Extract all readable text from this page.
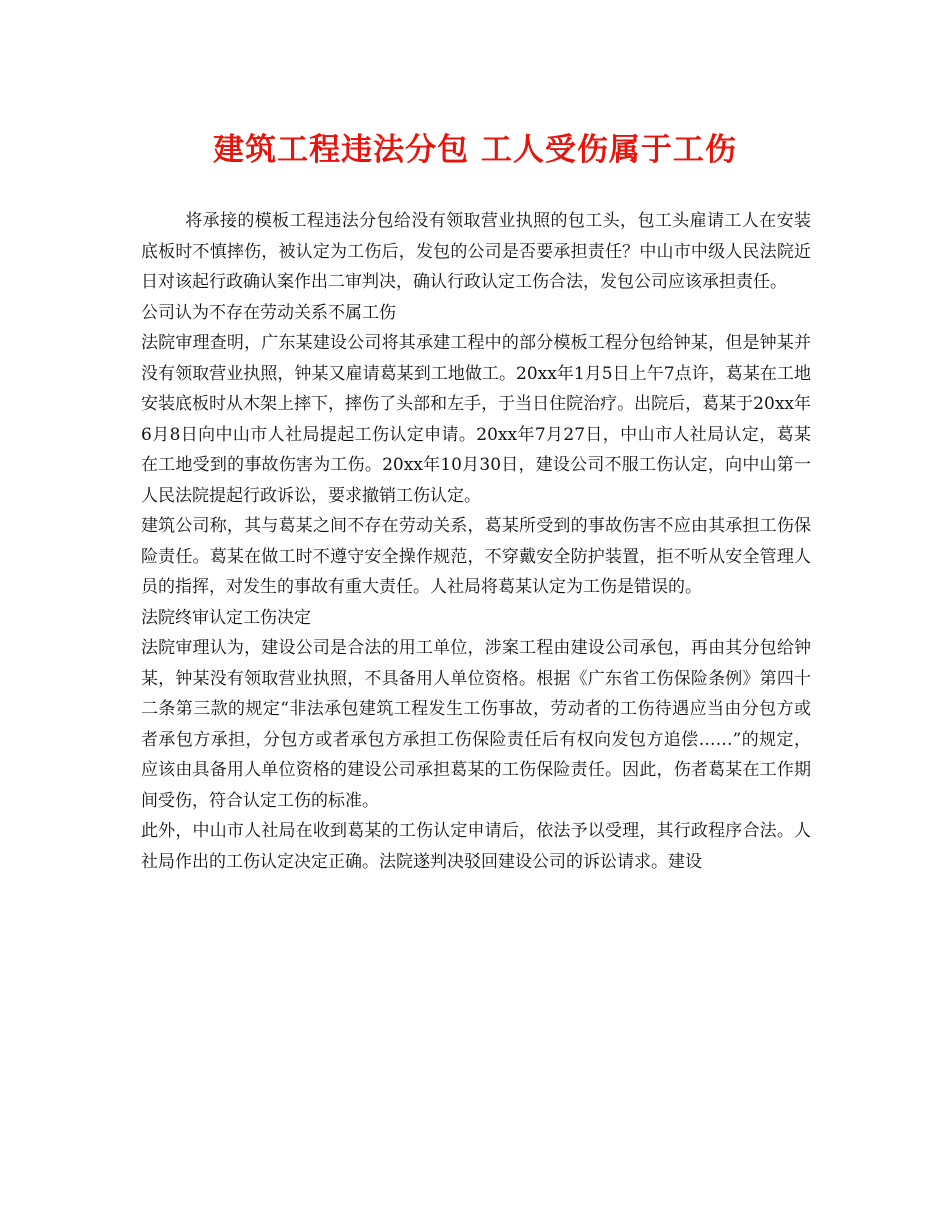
建筑工程违法分包 工人受伤属于工伤

将承接的模板工程违法分包给没有领取营业执照的包工头，包工头雇请工人在安装底板时不慎摔伤，被认定为工伤后，发包的公司是否要承担责任？中山市中级人民法院近日对该起行政确认案作出二审判决，确认行政认定工伤合法，发包公司应该承担责任。

公司认为不存在劳动关系不属工伤

法院审理查明，广东某建设公司将其承建工程中的部分模板工程分包给钟某，但是钟某并没有领取营业执照，钟某又雇请葛某到工地做工。20xx年1月5日上午7点许，葛某在工地安装底板时从木架上摔下，摔伤了头部和左手，于当日住院治疗。出院后，葛某于20xx年6月8日向中山市人社局提起工伤认定申请。20xx年7月27日，中山市人社局认定，葛某在工地受到的事故伤害为工伤。20xx年10月30日，建设公司不服工伤认定，向中山第一人民法院提起行政诉讼，要求撤销工伤认定。

建筑公司称，其与葛某之间不存在劳动关系，葛某所受到的事故伤害不应由其承担工伤保险责任。葛某在做工时不遵守安全操作规范，不穿戴安全防护装置，拒不听从安全管理人员的指挥，对发生的事故有重大责任。人社局将葛某认定为工伤是错误的。

法院终审认定工伤决定

法院审理认为，建设公司是合法的用工单位，涉案工程由建设公司承包，再由其分包给钟某，钟某没有领取营业执照，不具备用人单位资格。根据《广东省工伤保险条例》第四十二条第三款的规定“非法承包建筑工程发生工伤事故，劳动者的工伤待遇应当由分包方或者承包方承担，分包方或者承包方承担工伤保险责任后有权向发包方追偿……”的规定，应该由具备用人单位资格的建设公司承担葛某的工伤保险责任。因此，伤者葛某在工作期间受伤，符合认定工伤的标准。

此外，中山市人社局在收到葛某的工伤认定申请后，依法予以受理，其行政程序合法。人社局作出的工伤认定决定正确。法院遂判决驳回建设公司的诉讼请求。建设
